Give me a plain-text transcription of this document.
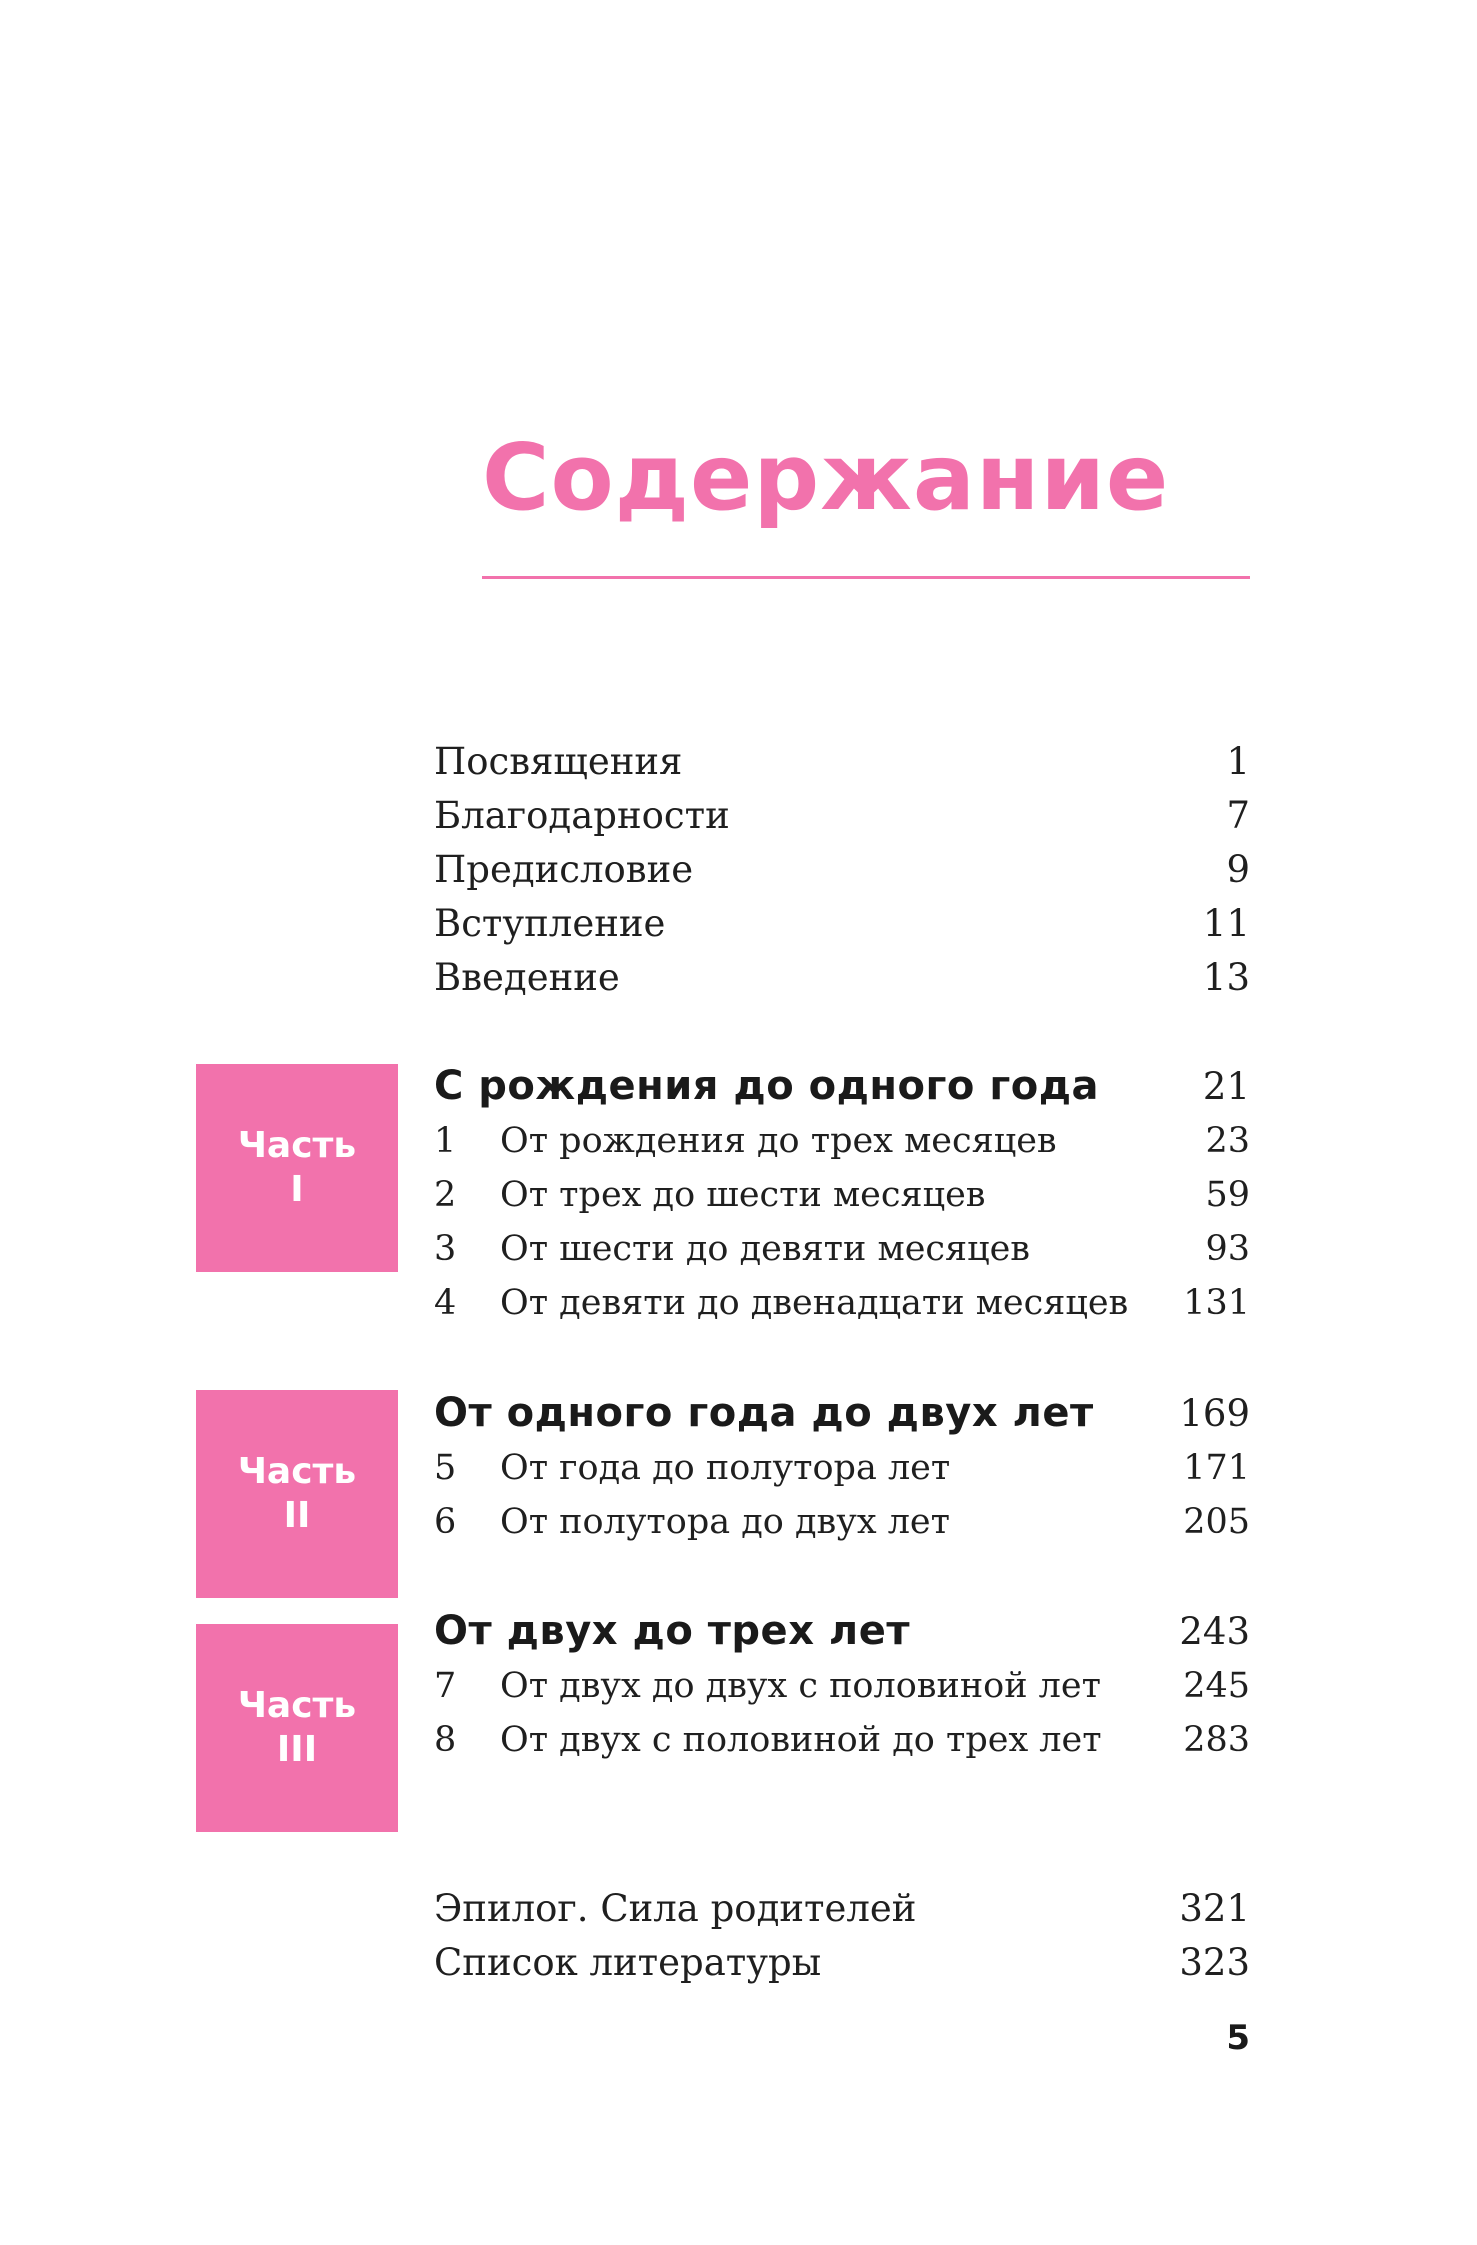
Содержание
Посвящения	1
Благодарности	7
Предисловие	9
Вступление	11
Введение	13
Часть
I
С рождения до одного года	21
1	От рождения до трех месяцев	23
2	От трех до шести месяцев	59
3	От шести до девяти месяцев	93
4	От девяти до двенадцати месяцев 131
Часть
II
От одного года до двух лет 169
5	От года до полутора лет	171
6	От полутора до двух лет	205
Часть
III
От двух до трех лет	243
7	От двух до двух с половиной лет 245
8	От двух с половиной до трех лет 283
Эпилог. Сила родителей	321
Список литературы	323
5
